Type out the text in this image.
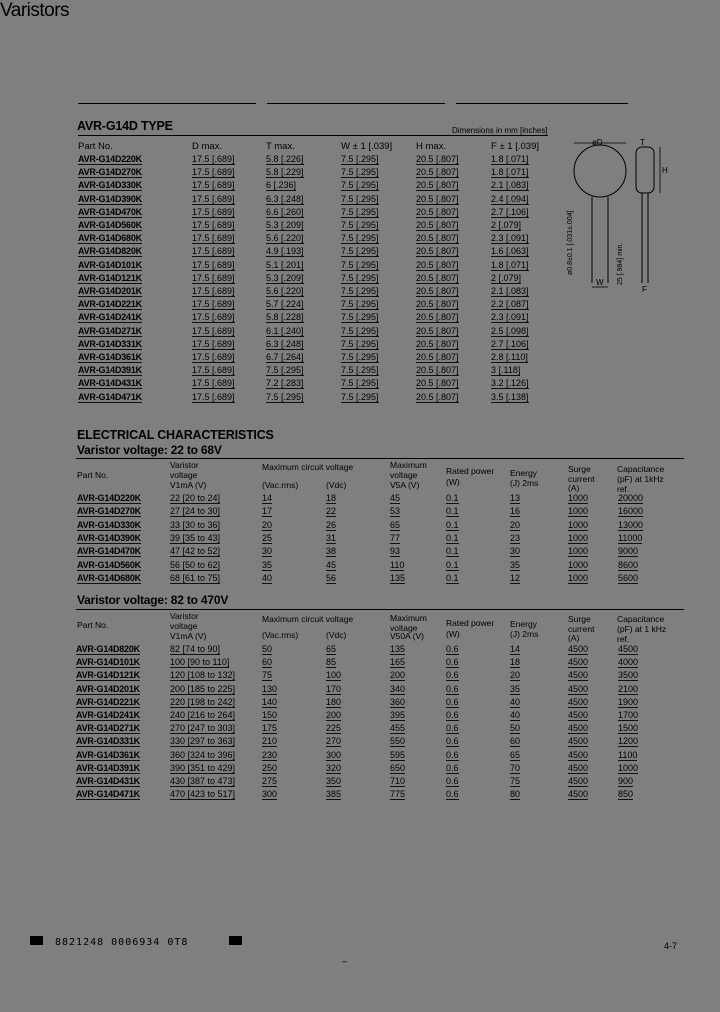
Varistors
AVR-G14D TYPE	Dimensions in mm [inches]
Part No.	D max.	T max.	W ± 1 [.039]	H max.	F ± 1 [.039]
AVR-G14D220K	17.5 [.689]	5.8 [.226]	7.5 [.295]	20.5 [.807]	1.8 [.071]
AVR-G14D270K	17.5 [.689]	5.8 [.229]	7.5 [.295]	20.5 [.807]	1.8 [.071]
AVR-G14D330K	17.5 [.689]	6 [.236]	7.5 [.295]	20.5 [.807]	2.1 [.083]
AVR-G14D390K	17.5 [.689]	6.3 [.248]	7.5 [.295]	20.5 [.807]	2.4 [.094]
AVR-G14D470K	17.5 [.689]	6.6 [.260]	7.5 [.295]	20.5 [.807]	2.7 [.106]
AVR-G14D560K	17.5 [.689]	5.3 [.209]	7.5 [.295]	20.5 [.807]	2 [.079]
AVR-G14D680K	17.5 [.689]	5.6 [.220]	7.5 [.295]	20.5 [.807]	2.3 [.091]
AVR-G14D820K	17.5 [.689]	4.9 [.193]	7.5 [.295]	20.5 [.807]	1.6 [.063]
AVR-G14D101K	17.5 [.689]	5.1 [.201]	7.5 [.295]	20.5 [.807]	1.8 [.071]
AVR-G14D121K	17.5 [.689]	5.3 [.209]	7.5 [.295]	20.5 [.807]	2 [.079]
AVR-G14D201K	17.5 [.689]	5.6 [.220]	7.5 [.295]	20.5 [.807]	2.1 [.083]
AVR-G14D221K	17.5 [.689]	5.7 [.224]	7.5 [.295]	20.5 [.807]	2.2 [.087]
AVR-G14D241K	17.5 [.689]	5.8 [.228]	7.5 [.295]	20.5 [.807]	2.3 [.091]
AVR-G14D271K	17.5 [.689]	6.1 [.240]	7.5 [.295]	20.5 [.807]	2.5 [.098]
AVR-G14D331K	17.5 [.689]	6.3 [.248]	7.5 [.295]	20.5 [.807]	2.7 [.106]
AVR-G14D361K	17.5 [.689]	6.7 [.264]	7.5 [.295]	20.5 [.807]	2.8 [.110]
AVR-G14D391K	17.5 [.689]	7.5 [.295]	7.5 [.295]	20.5 [.807]	3 [.118]
AVR-G14D431K	17.5 [.689]	7.2 [.283]	7.5 [.295]	20.5 [.807]	3.2 [.126]
AVR-G14D471K	17.5 [.689]	7.5 [.295]	7.5 [.295]	20.5 [.807]	3.5 [.138]
øD	T
H
ø0.8±0.1 [.031±.004]	25 [.984] min.
W
F
ELECTRICAL CHARACTERISTICS
Varistor voltage: 22 to 68V
Part No.
Varistor voltage
V1mA (V)
Maximum circuit voltage
(Vac.rms)	(Vdc)
Maximum voltage
V5A (V)
Rated power
(W)
Energy
(J) 2ms
Surge current
(A)
Capacitance
(pF) at 1kHz
ref.
AVR-G14D220K	22 [20 to 24]	14	18	45	0.1	13	1000	20000
AVR-G14D270K	27 [24 to 30]	17	22	53	0.1	16	1000	16000
AVR-G14D330K	33 [30 to 36]	20	26	65	0.1	20	1000	13000
AVR-G14D390K	39 [35 to 43]	25	31	77	0.1	23	1000	11000
AVR-G14D470K	47 [42 to 52]	30	38	93	0.1	30	1000	9000
AVR-G14D560K	56 [50 to 62]	35	45	110	0.1	35	1000	8600
AVR-G14D680K	68 [61 to 75]	40	56	135	0.1	12	1000	5600
Varistor voltage: 82 to 470V
Part No.
Varistor voltage
V1mA (V)
Maximum circuit voltage
(Vac.rms)	(Vdc)
Maximum voltage
V50A (V)
Rated power
(W)
Energy
(J) 2ms
Surge current
(A)
Capacitance
(pF) at 1 kHz
ref.
AVR-G14D820K	82 [74 to 90]	50	65	135	0.6	14	4500	4500
AVR-G14D101K	100 [90 to 110]	60	85	165	0.6	18	4500	4000
AVR-G14D121K	120 [108 to 132]	75	100	200	0.6	20	4500	3500
AVR-G14D201K	200 [185 to 225]	130	170	340	0.6	35	4500	2100
AVR-G14D221K	220 [198 to 242]	140	180	360	0.6	40	4500	1900
AVR-G14D241K	240 [216 to 264]	150	200	395	0.6	40	4500	1700
AVR-G14D271K	270 [247 to 303]	175	225	455	0.6	50	4500	1500
AVR-G14D331K	330 [297 to 363]	210	270	550	0.6	60	4500	1200
AVR-G14D361K	360 [324 to 396]	230	300	595	0.6	65	4500	1100
AVR-G14D391K	390 [351 to 429]	250	320	650	0.6	70	4500	1000
AVR-G14D431K	430 [387 to 473]	275	350	710	0.6	75	4500	900
AVR-G14D471K	470 [423 to 517]	300	385	775	0.6	80	4500	850
8821248 0006934 0T8	4-7
–
